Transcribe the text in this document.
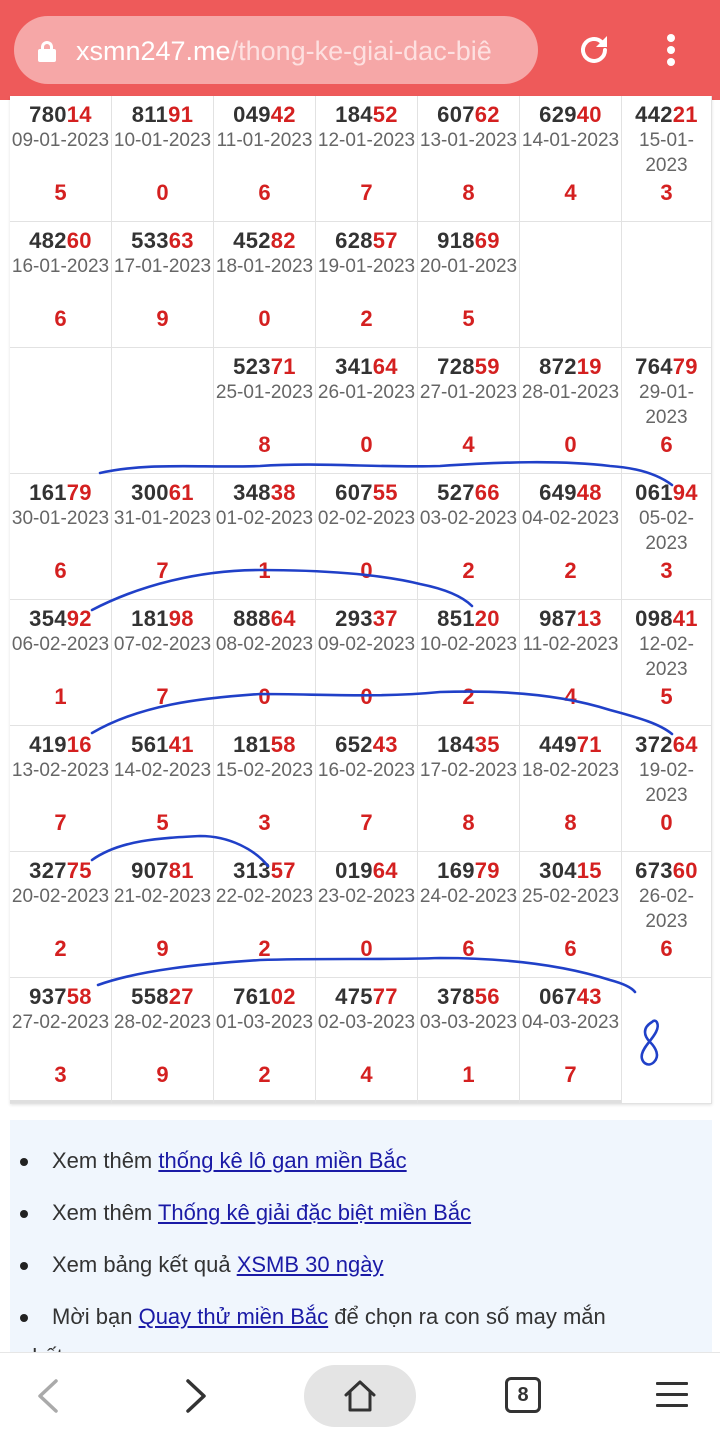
xsmn247.me/thong-ke-giai-dac-biê
78014
09-01-2023
5
81191
10-01-2023
0
04942
11-01-2023
6
18452
12-01-2023
7
60762
13-01-2023
8
62940
14-01-2023
4
44221
15-01-2023
3
48260
16-01-2023
6
53363
17-01-2023
9
45282
18-01-2023
0
62857
19-01-2023
2
91869
20-01-2023
5
52371
25-01-2023
8
34164
26-01-2023
0
72859
27-01-2023
4
87219
28-01-2023
0
76479
29-01-2023
6
16179
30-01-2023
6
30061
31-01-2023
7
34838
01-02-2023
1
60755
02-02-2023
0
52766
03-02-2023
2
64948
04-02-2023
2
06194
05-02-2023
3
35492
06-02-2023
1
18198
07-02-2023
7
88864
08-02-2023
0
29337
09-02-2023
0
85120
10-02-2023
2
98713
11-02-2023
4
09841
12-02-2023
5
41916
13-02-2023
7
56141
14-02-2023
5
18158
15-02-2023
3
65243
16-02-2023
7
18435
17-02-2023
8
44971
18-02-2023
8
37264
19-02-2023
0
32775
20-02-2023
2
90781
21-02-2023
9
31357
22-02-2023
2
01964
23-02-2023
0
16979
24-02-2023
6
30415
25-02-2023
6
67360
26-02-2023
6
93758
27-02-2023
3
55827
28-02-2023
9
76102
01-03-2023
2
47577
02-03-2023
4
37856
03-03-2023
1
06743
04-03-2023
7
Xem thêm thống kê lô gan miền Bắc
Xem thêm Thống kê giải đặc biệt miền Bắc
Xem bảng kết quả XSMB 30 ngày
Mời bạn Quay thử miền Bắc để chọn ra con số may mắn
8
